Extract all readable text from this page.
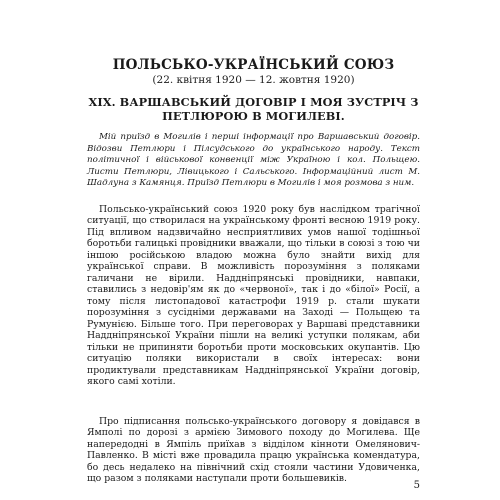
ПОЛЬСЬКО-УКРАЇНСЬКИЙ СОЮЗ

(22. квітня 1920 — 12. жовтня 1920)

XIX. ВАРШАВСЬКИЙ ДОГОВІР І МОЯ ЗУСТРІЧ З ПЕТЛЮРОЮ В МОГИЛЕВІ.

Мій приїзд в Могилів і перші інформації про Варшавський договір. Відозви Петлюри і Пілсудського до українського народу. Текст політичної і військової конвенції між Україною і кол. Польщею. Листи Петлюри, Лівицького і Сальського. Інформаційний лист М. Шадлуна з Камянця. Приїзд Петлюри в Могилів і моя розмова з ним.

Польсько-український союз 1920 року був наслідком трагічної ситуації, що створилася на українському фронті весною 1919 року. Під впливом надзвичайно несприятливих умов нашої тодішньої боротьби галицькі провідники вважали, що тільки в союзі з тою чи іншою російською владою можна було знайти вихід для української справи. В можливість порозуміння з поляками галичани не вірили. Наддніпрянські провідники, навпаки, ставились з недовір'ям як до «червоної», так і до «білої» Росії, а тому після листопадової катастрофи 1919 р. стали шукати порозуміння з сусідніми державами на Заході — Польщею та Румунією. Більше того. При переговорах у Варшаві представники Наддніпрянської України пішли на великі уступки полякам, аби тільки не припиняти боротьби проти московських окупантів. Цю ситуацію поляки використали в своїх інтересах: вони продиктували представникам Наддніпрянської України договір, якого самі хотіли.

Про підписання польсько-українського договору я довідався в Ямполі по дорозі з армією Зимового походу до Могилева. Ще напередодні в Ямпіль приїхав з відділом кінноти Омелянович-Павленко. В місті вже провадила працю українська комендатура, бо десь недалеко на північний схід стояли частини Удовиченка, що разом з поляками наступали проти большевиків.

5
